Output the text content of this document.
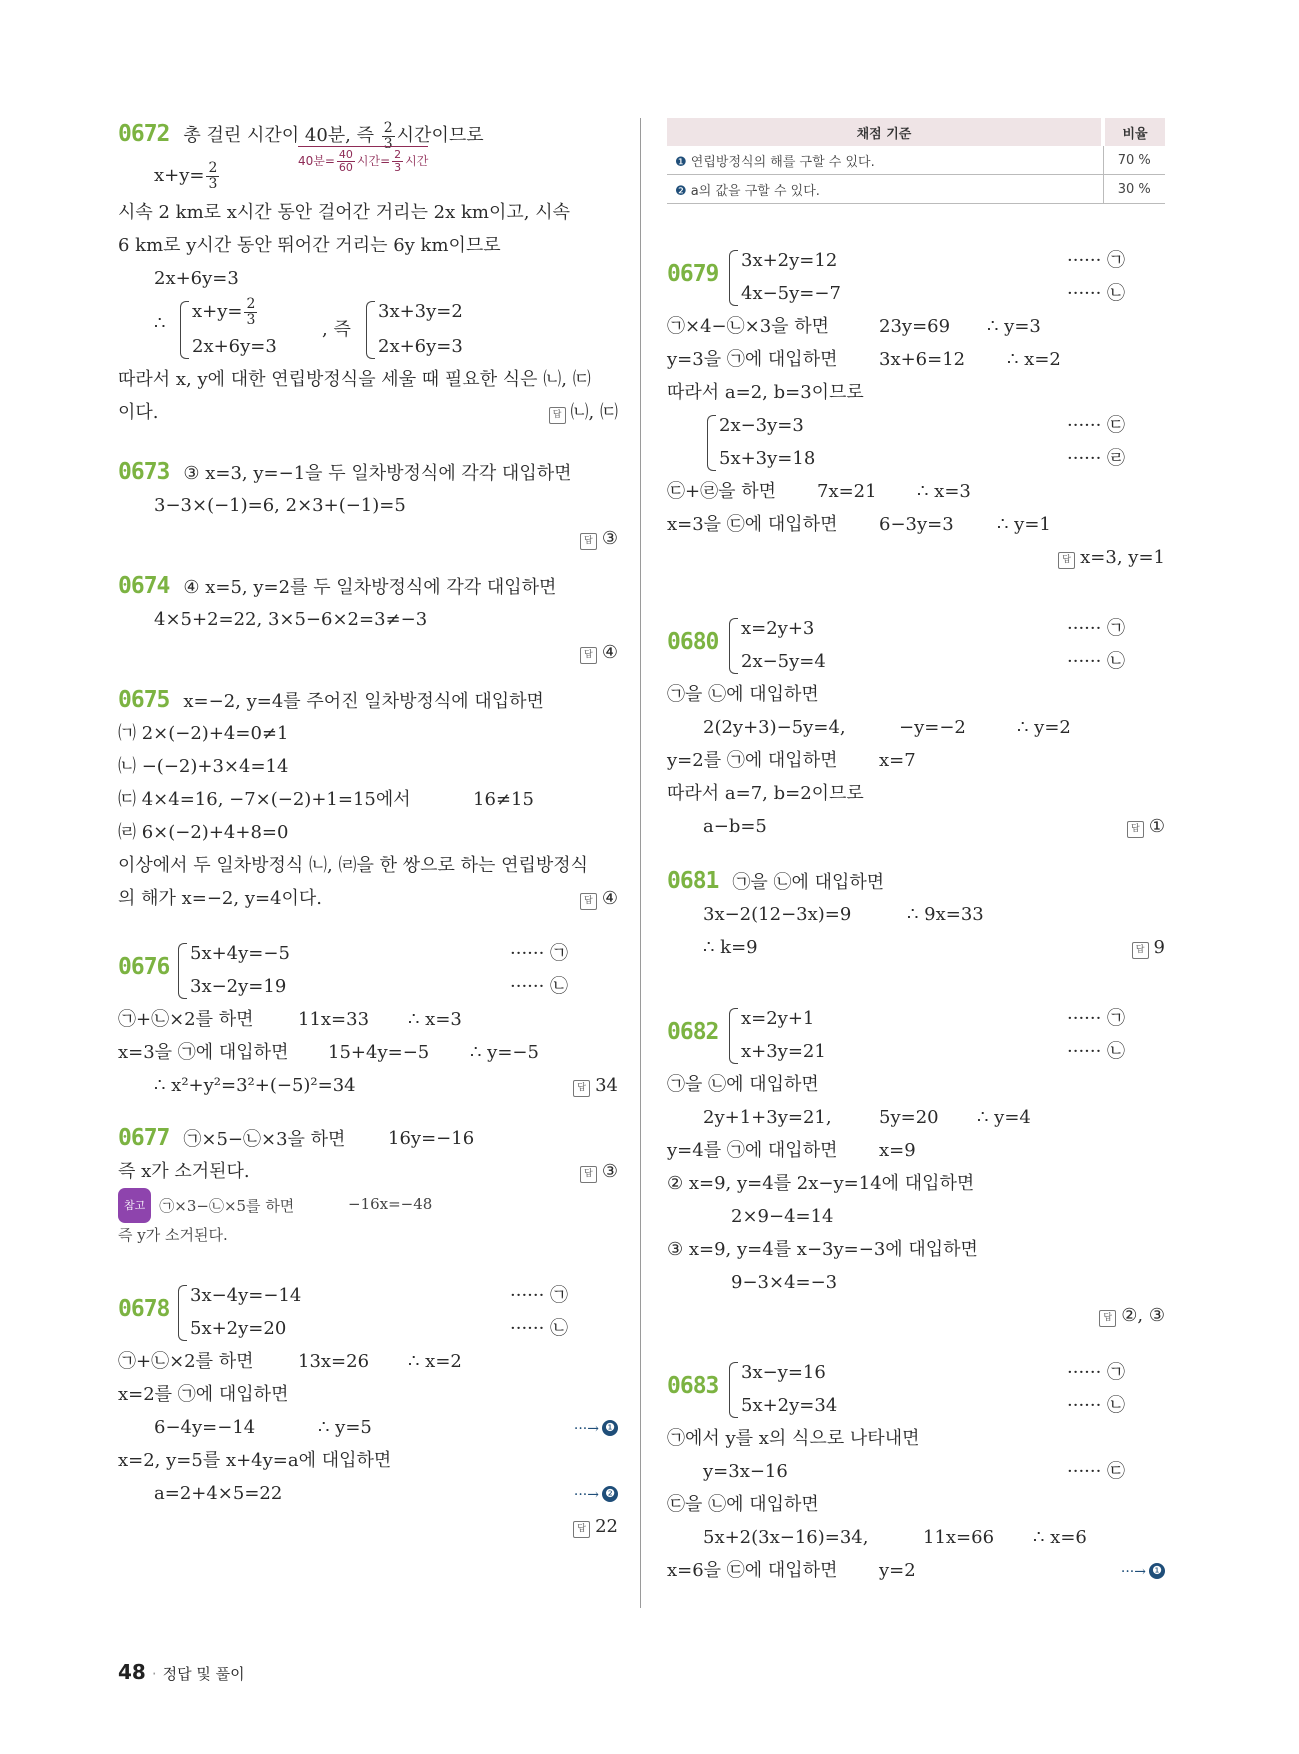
0672 총 걸린 시간이 40분, 즉 $\frac{2}{3}$ 시간이므로
40분= $\frac{40}{60}$ 시간= $\frac{2}{3}$ 시간
$x+y= \frac{2}{3}$
시속 2 km로 x시간 동안 걸어간 거리는 2x km이고, 시속
6 km로 y시간 동안 뛰어간 거리는 6y km이므로
2x+6y=3
∴
$x+y= \frac{2}{3}$
2x+6y=3
, 즉
3x+3y=2
2x+6y=3
따라서 x, y에 대한 연립방정식을 세울 때 필요한 식은 ㈁, ㈂
이다.	답 ㈁, ㈂
0673 ③ x=3, y=−1을 두 일차방정식에 각각 대입하면
3−3×(−1)=6, 2×3+(−1)=5
답 ③
0674 ④ x=5, y=2를 두 일차방정식에 각각 대입하면
4×5+2=22, 3×5−6×2=3≠−3
답 ④
0675 x=−2, y=4를 주어진 일차방정식에 대입하면
㈀ 2×(−2)+4=0≠1
㈁ −(−2)+3×4=14
㈂ 4×4=16, −7×(−2)+1=15에서	16≠15
㈃ 6×(−2)+4+8=0
이상에서 두 일차방정식 ㈁, ㈃을 한 쌍으로 하는 연립방정식
의 해가 x=−2, y=4이다.	답 ④
0676
5x+4y=−5	······ ㉠
3x−2y=19	······ ㉡
㉠+㉡×2를 하면 11x=33 ∴ x=3
x=3을 ㉠에 대입하면 15+4y=−5 ∴ y=−5
∴ x²+y²=3²+(−5)²=34	답 34
0677 ㉠×5−㉡×3을 하면 16y=−16
즉 x가 소거된다.	답 ③
참고 ㉠×3−㉡×5를 하면	−16x=−48
즉 y가 소거된다.
0678
3x−4y=−14	······ ㉠
5x+2y=20	······ ㉡
㉠+㉡×2를 하면 13x=26 ∴ x=2
x=2를 ㉠에 대입하면
6−4y=−14	∴ y=5	···→ ❶
x=2, y=5를 x+4y=a에 대입하면
a=2+4×5=22	···→ ❷
답 22
채점 기준	비율
❶ 연립방정식의 해를 구할 수 있다.	70 %
❷ a의 값을 구할 수 있다.	30 %
0679
3x+2y=12	······ ㉠
4x−5y=−7	······ ㉡
㉠×4−㉡×3을 하면	23y=69 ∴ y=3
y=3을 ㉠에 대입하면 3x+6=12 ∴ x=2
따라서 a=2, b=3이므로
2x−3y=3	······ ㉢
5x+3y=18	······ ㉣
㉢+㉣을 하면 7x=21 ∴ x=3
x=3을 ㉢에 대입하면 6−3y=3 ∴ y=1
답 x=3, y=1
0680
x=2y+3	······ ㉠
2x−5y=4	······ ㉡
㉠을 ㉡에 대입하면
2(2y+3)−5y=4,	−y=−2	∴ y=2
y=2를 ㉠에 대입하면 x=7
따라서 a=7, b=2이므로
a−b=5	답 ①
0681 ㉠을 ㉡에 대입하면
3x−2(12−3x)=9	∴ 9x=33
∴ k=9	답 9
0682
x=2y+1	······ ㉠
x+3y=21	······ ㉡
㉠을 ㉡에 대입하면
2y+1+3y=21,	5y=20 ∴ y=4
y=4를 ㉠에 대입하면 x=9
② x=9, y=4를 2x−y=14에 대입하면
2×9−4=14
③ x=9, y=4를 x−3y=−3에 대입하면
9−3×4=−3
답 ②, ③
0683
3x−y=16	······ ㉠
5x+2y=34	······ ㉡
㉠에서 y를 x의 식으로 나타내면
y=3x−16	······ ㉢
㉢을 ㉡에 대입하면
5x+2(3x−16)=34,	11x=66 ∴ x=6
x=6을 ㉢에 대입하면 y=2	···→ ❶
48 · 정답 및 풀이
